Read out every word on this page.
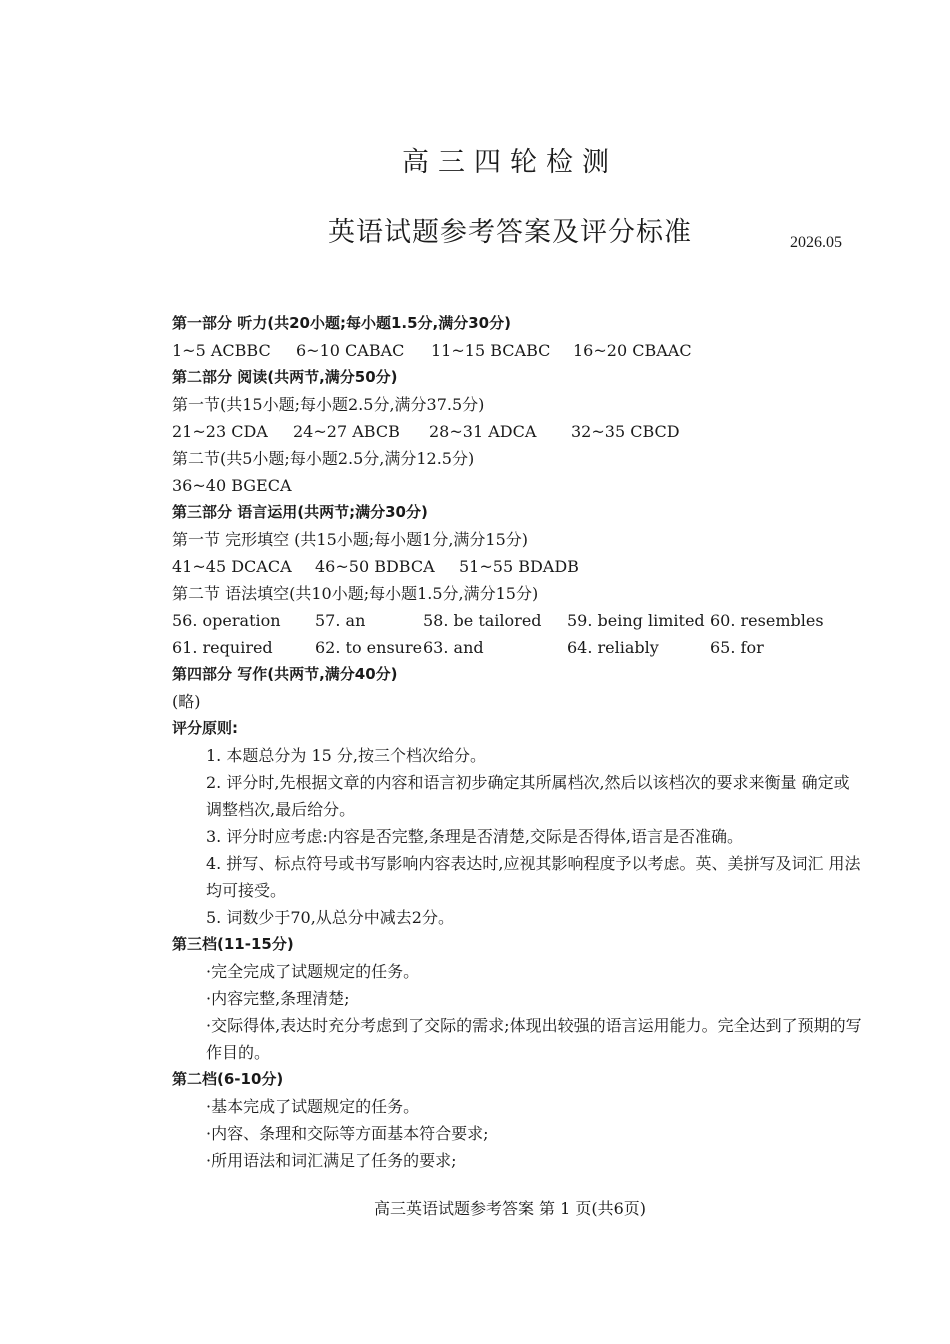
高三四轮检测
英语试题参考答案及评分标准	2026.05
第一部分 听力(共20小题;每小题1.5分,满分30分)
1~5 ACBBC 6~10 CABAC 11~15 BCABC 16~20 CBAAC
第二部分 阅读(共两节,满分50分)
第一节(共15小题;每小题2.5分,满分37.5分)
21~23 CDA 24~27 ABCB 28~31 ADCA 32~35 CBCD
第二节(共5小题;每小题2.5分,满分12.5分)
36~40 BGECA
第三部分 语言运用(共两节;满分30分)
第一节 完形填空 (共15小题;每小题1分,满分15分)
41~45 DCACA 46~50 BDBCA 51~55 BDADB
第二节 语法填空(共10小题;每小题1.5分,满分15分)
56. operation 57. an	58. be tailored 59. being limited 60. resembles
61. required	62. to ensure 63. and	64. reliably	65. for
第四部分 写作(共两节,满分40分)
(略)
评分原则:
1. 本题总分为 15 分,按三个档次给分。
2. 评分时,先根据文章的内容和语言初步确定其所属档次,然后以该档次的要求来衡量 确定或调整档次,最后给分。
3. 评分时应考虑:内容是否完整,条理是否清楚,交际是否得体,语言是否准确。
4. 拼写、标点符号或书写影响内容表达时,应视其影响程度予以考虑。英、美拼写及词汇 用法均可接受。
5. 词数少于70,从总分中减去2分。
第三档(11-15分)
·完全完成了试题规定的任务。
·内容完整,条理清楚;
·交际得体,表达时充分考虑到了交际的需求;体现出较强的语言运用能力。完全达到了预期的写作目的。
第二档(6-10分)
·基本完成了试题规定的任务。
·内容、条理和交际等方面基本符合要求;
·所用语法和词汇满足了任务的要求;
高三英语试题参考答案 第 1 页(共6页)
